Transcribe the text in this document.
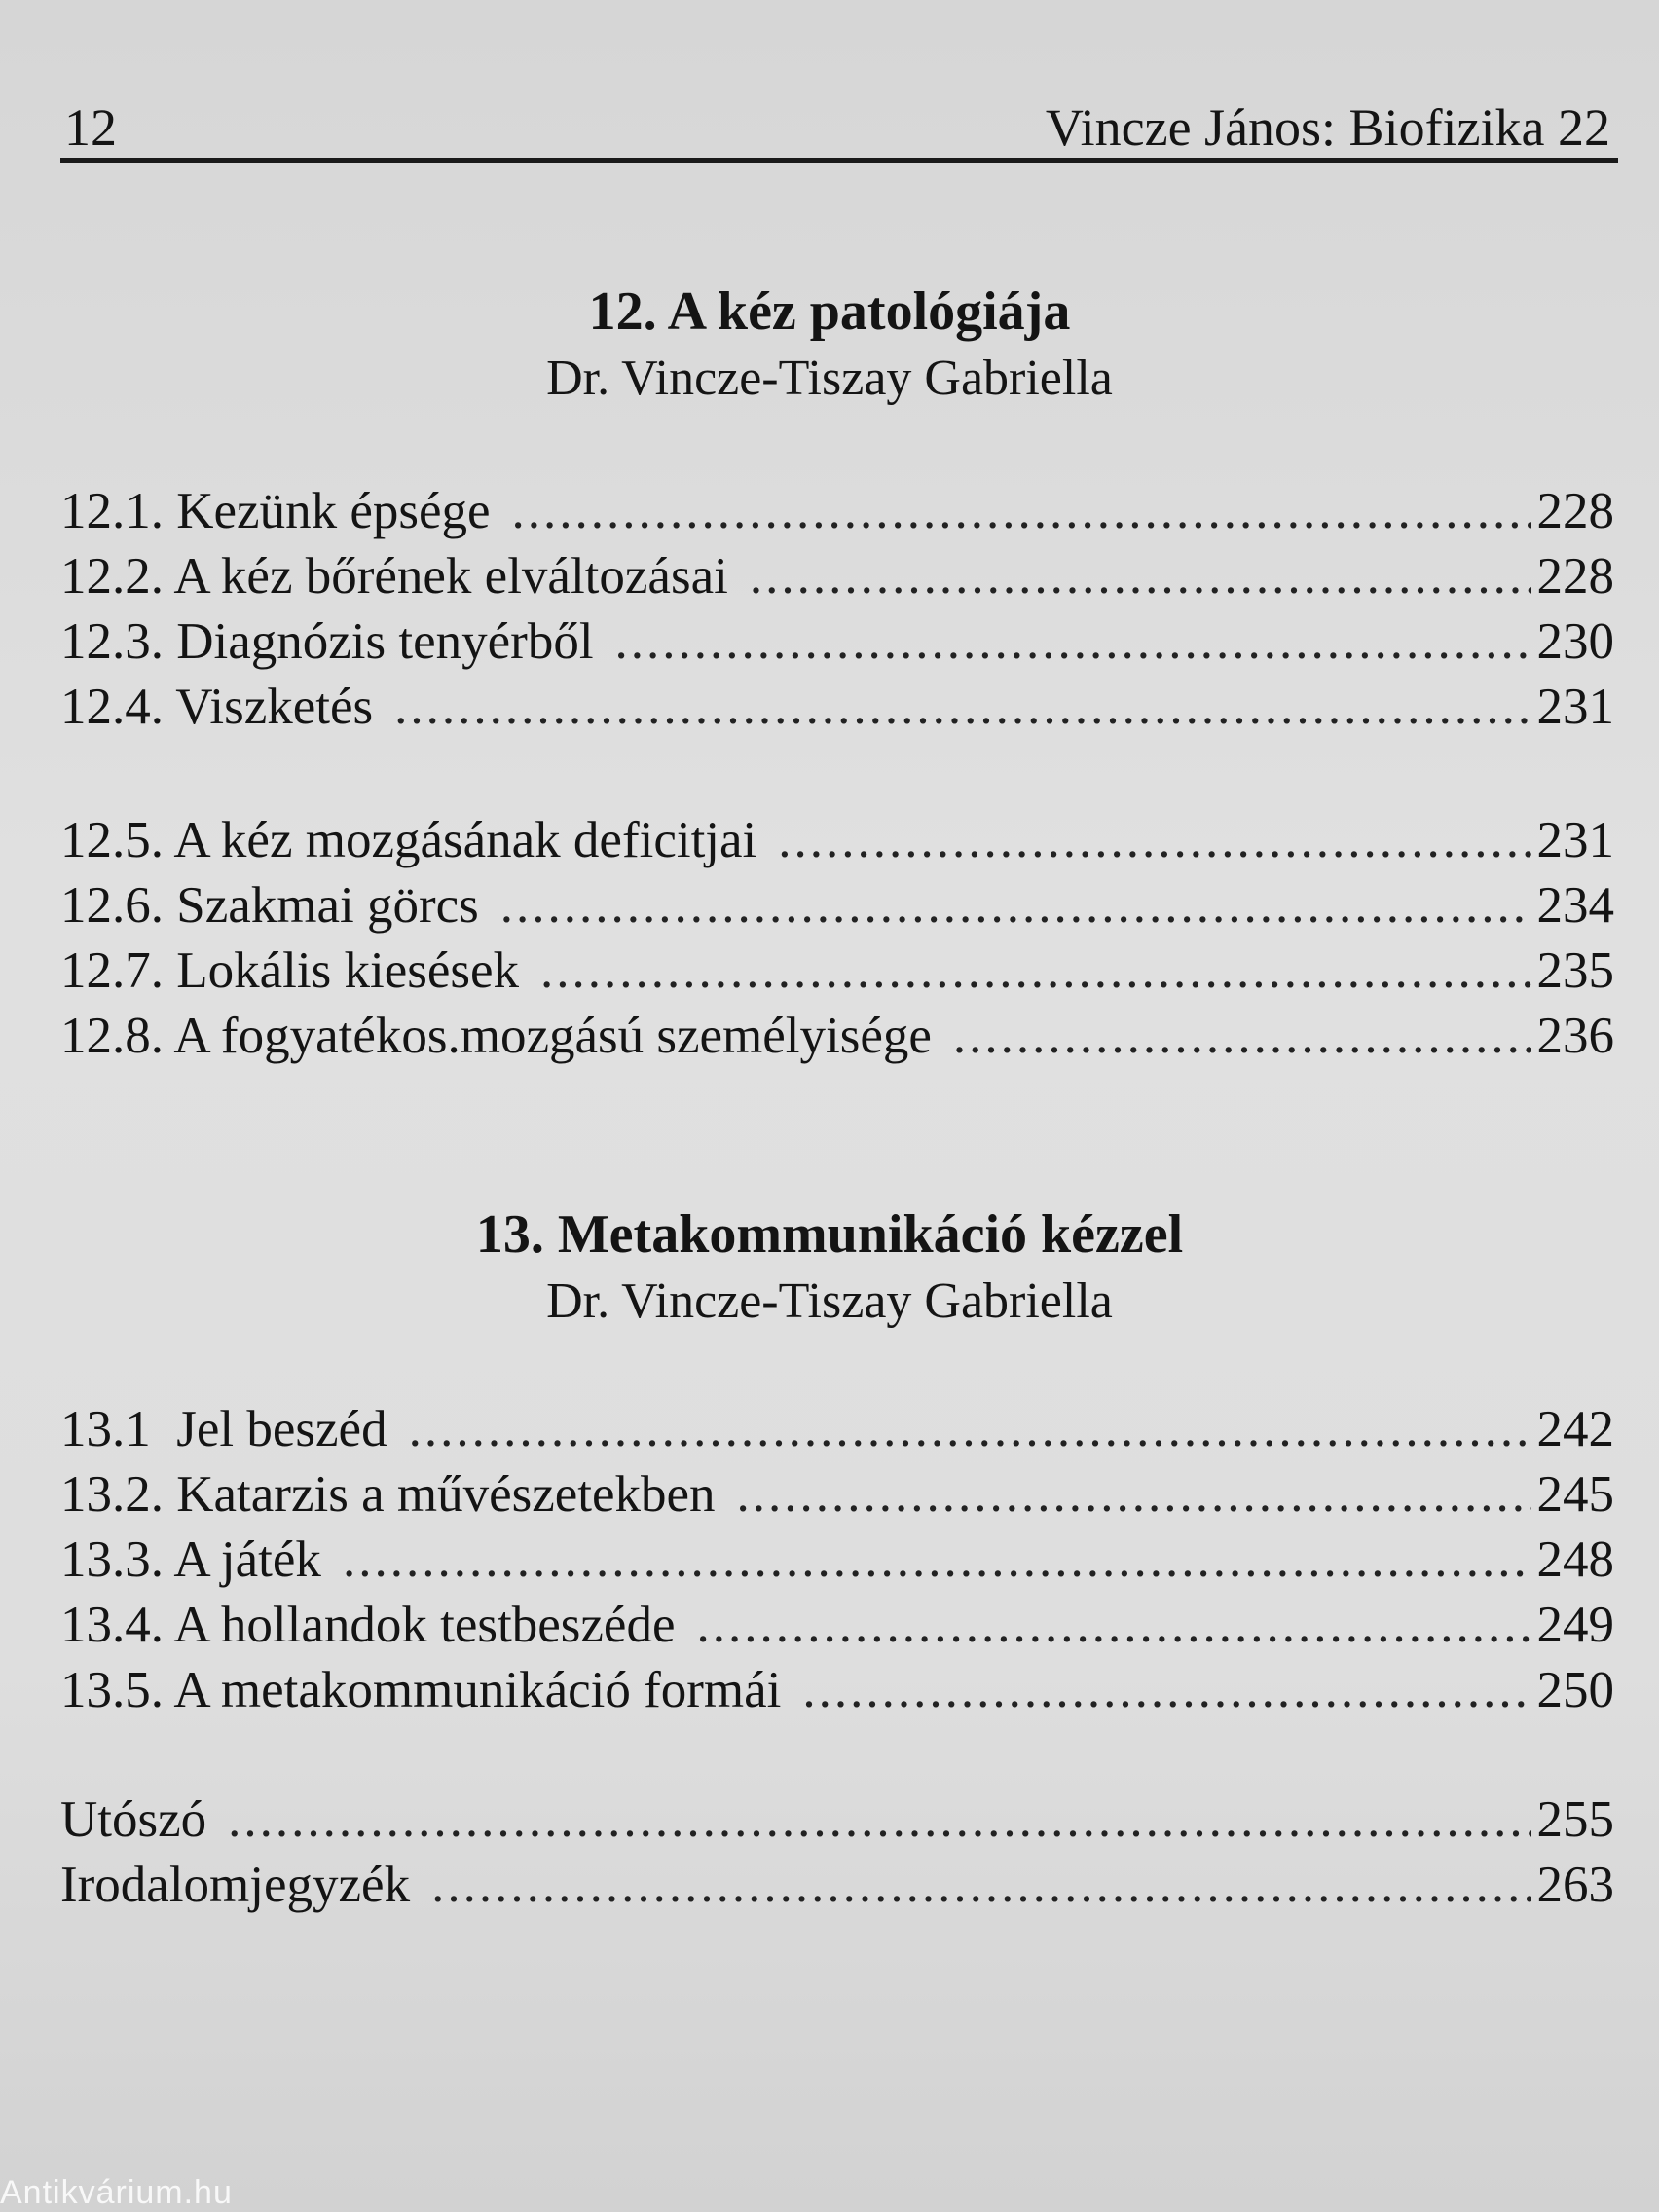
12	Vincze János: Biofizika 22
12. A kéz patológiája
Dr. Vincze-Tiszay Gabriella
12.1. Kezünk épsége .....	228
12.2. A kéz bőrének elváltozásai .....	228
12.3. Diagnózis tenyérből .....	230
12.4. Viszketés .....	231
12.5. A kéz mozgásának deficitjai .....	231
12.6. Szakmai görcs .....	234
12.7. Lokális kiesések .....	235
12.8. A fogyatékos.mozgású személyisége .....	236
13. Metakommunikáció kézzel
Dr. Vincze-Tiszay Gabriella
13.1  Jel beszéd .....	242
13.2. Katarzis a művészetekben .....	245
13.3. A játék .....	248
13.4. A hollandok testbeszéde .....	249
13.5. A metakommunikáció formái .....	250
Utószó .....	255
Irodalomjegyzék .....	263
Antikvárium.hu
